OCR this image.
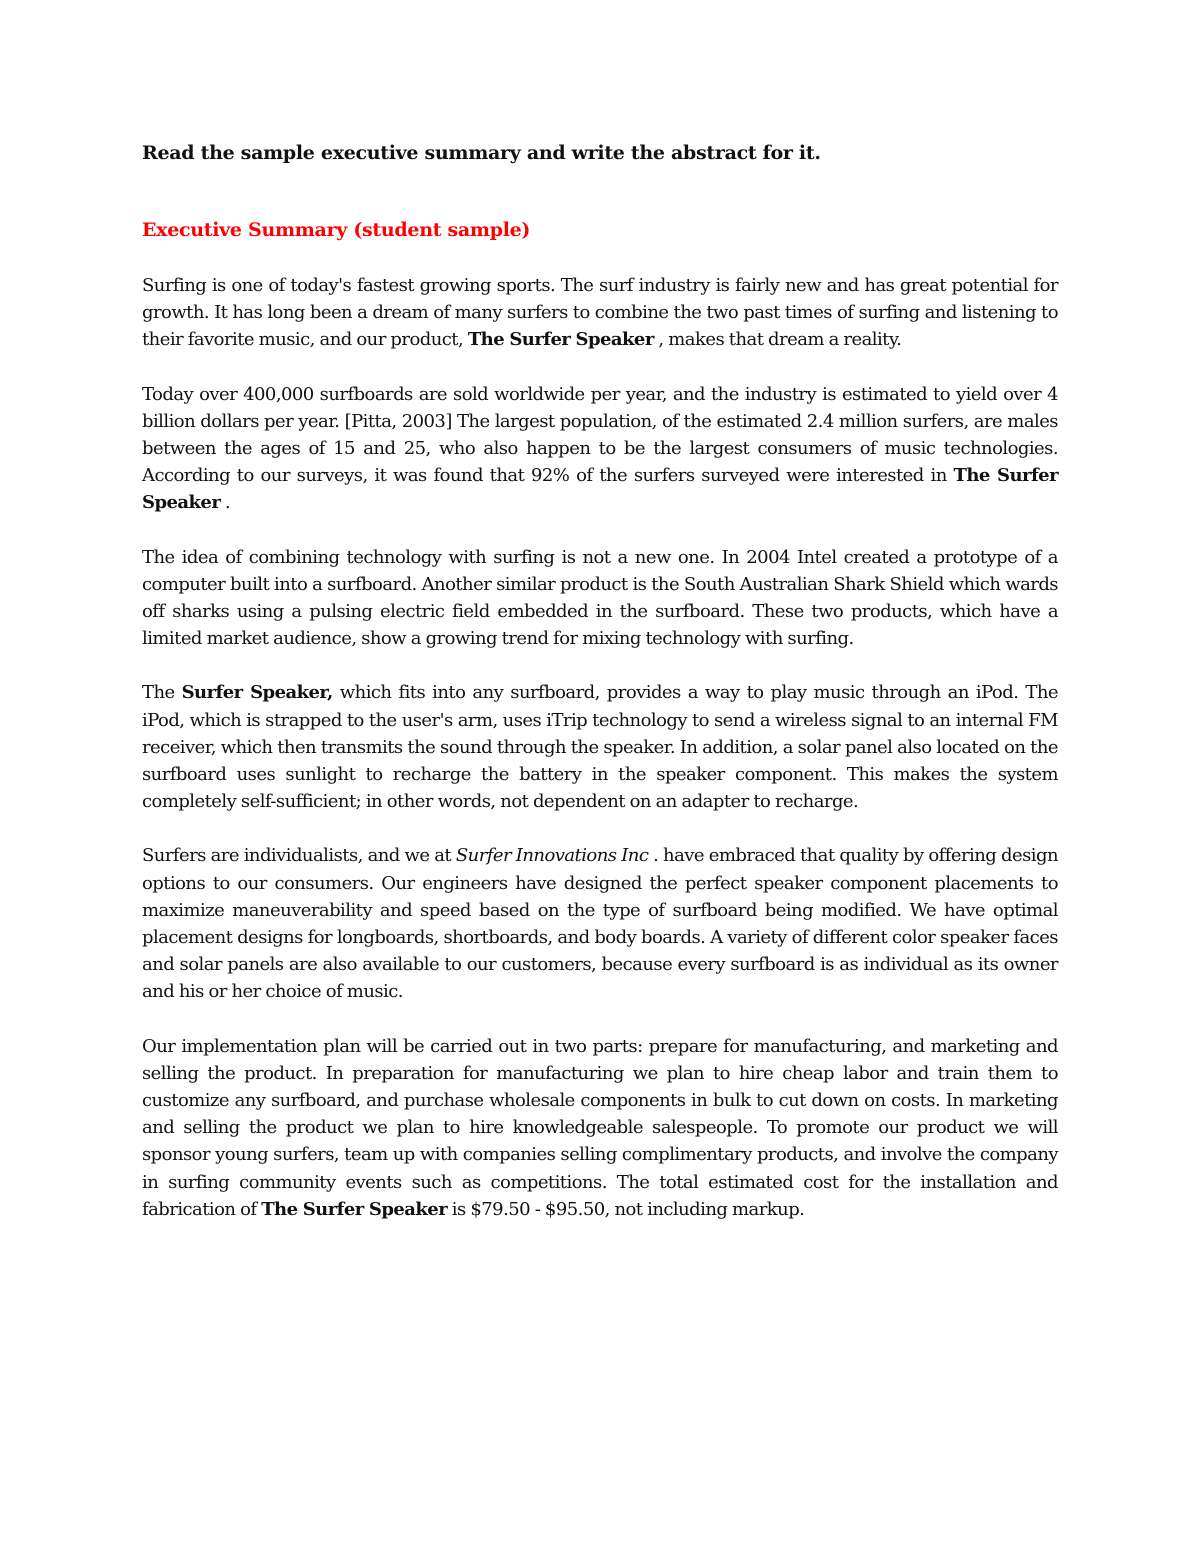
Read the sample executive summary and write the abstract for it.

Executive Summary (student sample)

Surfing is one of today's fastest growing sports. The surf industry is fairly new and has great potential for growth. It has long been a dream of many surfers to combine the two past times of surfing and listening to their favorite music, and our product, The Surfer Speaker , makes that dream a reality.

Today over 400,000 surfboards are sold worldwide per year, and the industry is estimated to yield over 4 billion dollars per year. [Pitta, 2003] The largest population, of the estimated 2.4 million surfers, are males between the ages of 15 and 25, who also happen to be the largest consumers of music technologies. According to our surveys, it was found that 92% of the surfers surveyed were interested in The Surfer Speaker .

The idea of combining technology with surfing is not a new one. In 2004 Intel created a prototype of a computer built into a surfboard. Another similar product is the South Australian Shark Shield which wards off sharks using a pulsing electric field embedded in the surfboard. These two products, which have a limited market audience, show a growing trend for mixing technology with surfing.

The Surfer Speaker, which fits into any surfboard, provides a way to play music through an iPod. The iPod, which is strapped to the user's arm, uses iTrip technology to send a wireless signal to an internal FM receiver, which then transmits the sound through the speaker. In addition, a solar panel also located on the surfboard uses sunlight to recharge the battery in the speaker component. This makes the system completely self-sufficient; in other words, not dependent on an adapter to recharge.

Surfers are individualists, and we at Surfer Innovations Inc . have embraced that quality by offering design options to our consumers. Our engineers have designed the perfect speaker component placements to maximize maneuverability and speed based on the type of surfboard being modified. We have optimal placement designs for longboards, shortboards, and body boards. A variety of different color speaker faces and solar panels are also available to our customers, because every surfboard is as individual as its owner and his or her choice of music.

Our implementation plan will be carried out in two parts: prepare for manufacturing, and marketing and selling the product. In preparation for manufacturing we plan to hire cheap labor and train them to customize any surfboard, and purchase wholesale components in bulk to cut down on costs. In marketing and selling the product we plan to hire knowledgeable salespeople. To promote our product we will sponsor young surfers, team up with companies selling complimentary products, and involve the company in surfing community events such as competitions. The total estimated cost for the installation and fabrication of The Surfer Speaker is $79.50 - $95.50, not including markup.
